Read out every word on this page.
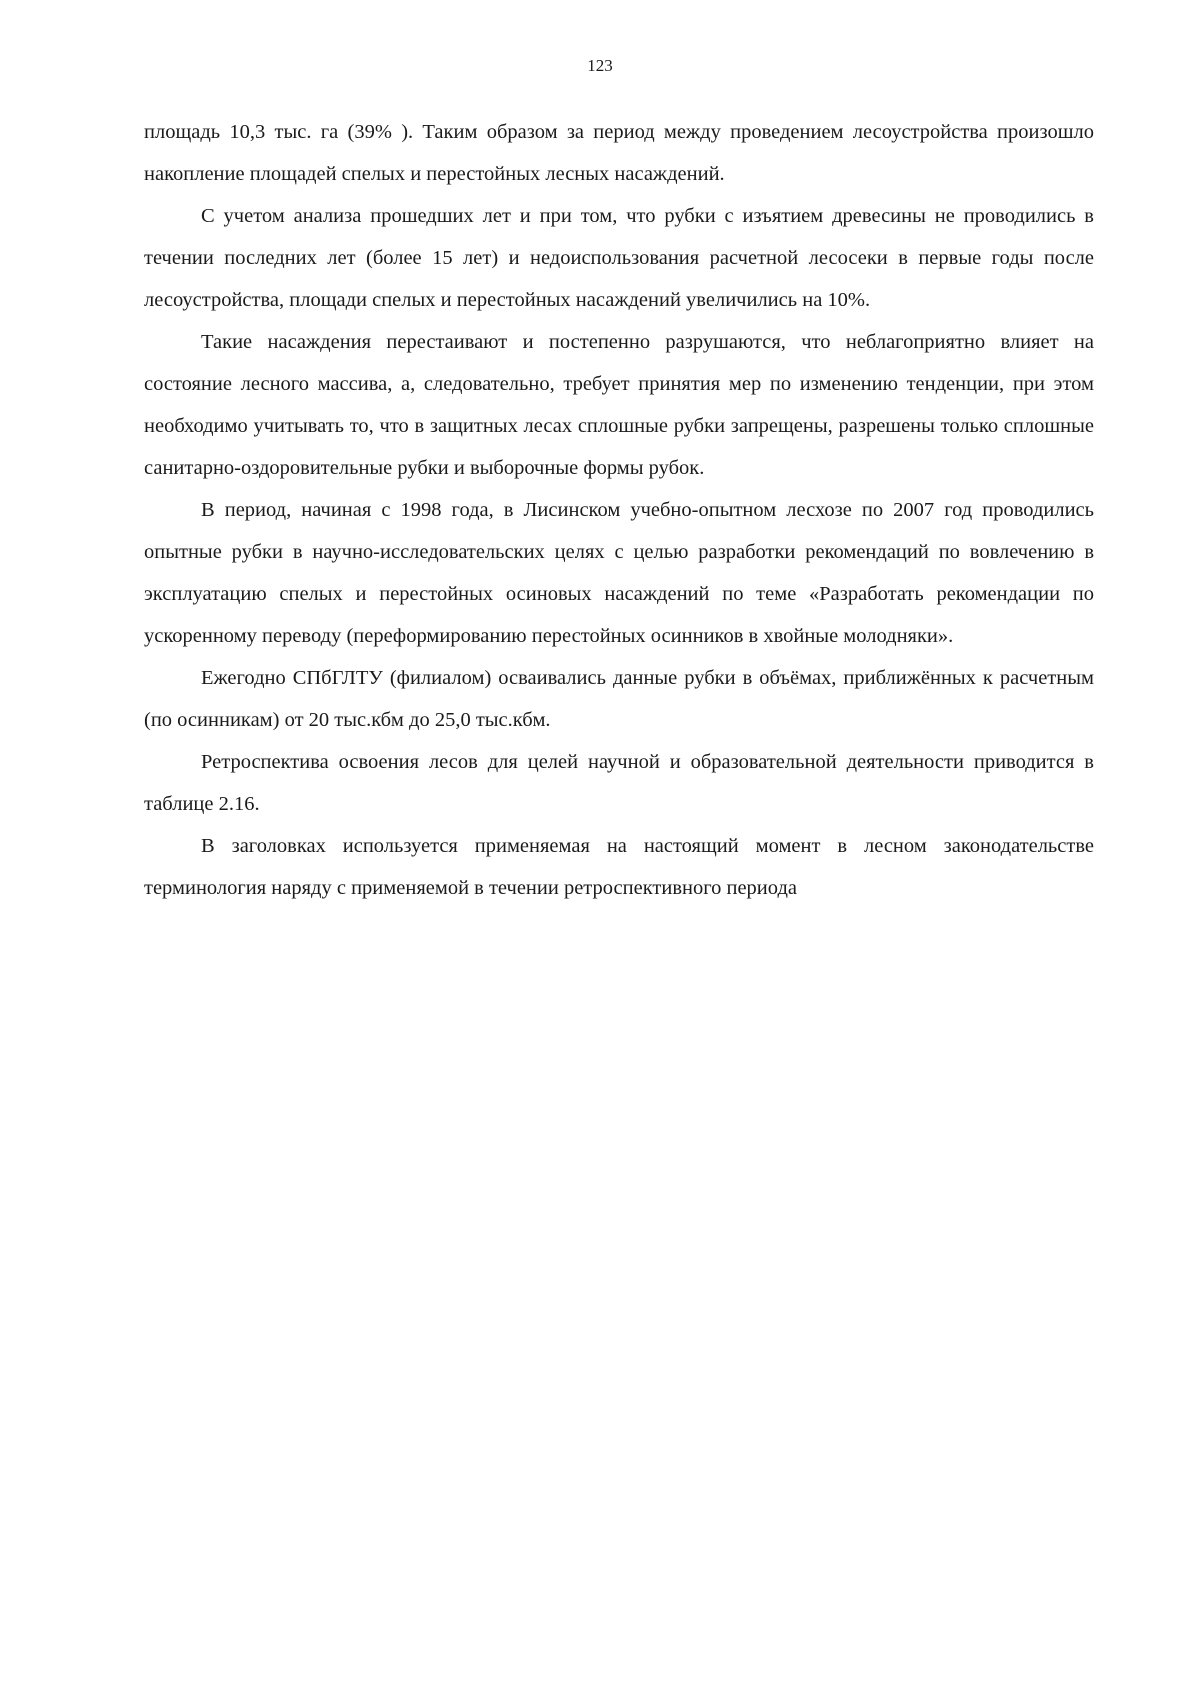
123

площадь 10,3 тыс. га (39% ). Таким образом за период между проведением лесоустройства произошло накопление площадей спелых и перестойных лесных насаждений.

С учетом анализа прошедших лет и при том, что рубки с изъятием древесины не проводились в течении последних лет (более 15 лет) и недоиспользования расчетной лесосеки в первые годы после лесоустройства, площади спелых и перестойных насаждений увеличились на 10%.

Такие насаждения перестаивают и постепенно разрушаются, что неблагоприятно влияет на состояние лесного массива, а, следовательно, требует принятия мер по изменению тенденции, при этом необходимо учитывать то, что в защитных лесах сплошные рубки запрещены, разрешены только сплошные санитарно-оздоровительные рубки и выборочные формы рубок.

В период, начиная с 1998 года, в Лисинском учебно-опытном лесхозе по 2007 год проводились опытные рубки в научно-исследовательских целях с целью разработки рекомендаций по вовлечению в эксплуатацию спелых и перестойных осиновых насаждений по теме «Разработать рекомендации по ускоренному переводу (переформированию перестойных осинников в хвойные молодняки».

Ежегодно СПбГЛТУ (филиалом) осваивались данные рубки в объёмах, приближённых к расчетным (по осинникам) от 20 тыс.кбм до 25,0 тыс.кбм.

Ретроспектива освоения лесов для целей научной и образовательной деятельности приводится в таблице 2.16.

В заголовках используется применяемая на настоящий момент в лесном законодательстве терминология наряду с применяемой в течении ретроспективного периода
